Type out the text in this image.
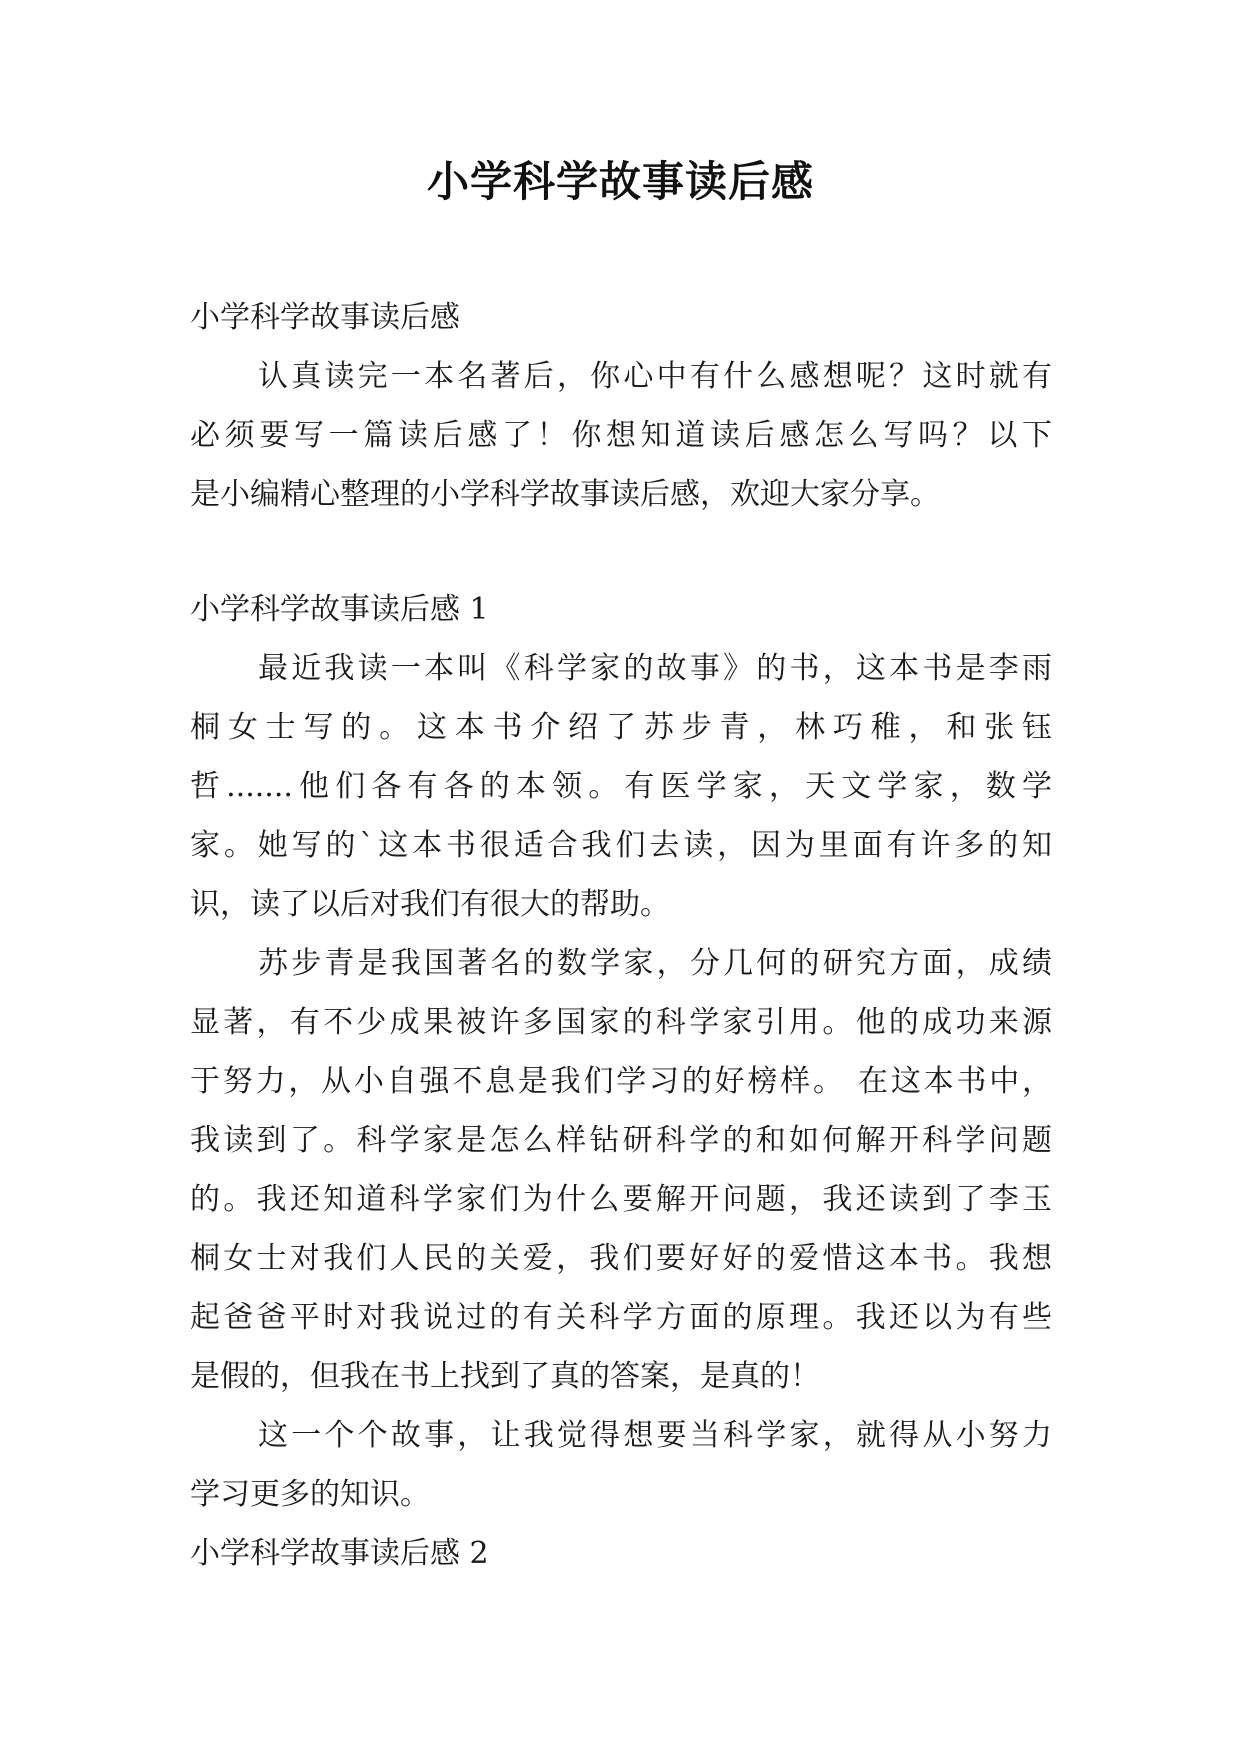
小学科学故事读后感
小学科学故事读后感
认真读完一本名著后，你心中有什么感想呢？这时就有
必须要写一篇读后感了！你想知道读后感怎么写吗？以下
是小编精心整理的小学科学故事读后感，欢迎大家分享。
小学科学故事读后感 1
最近我读一本叫《科学家的故事》的书，这本书是李雨
桐女士写的。这本书介绍了苏步青，林巧稚，和张钰
哲.......他们各有各的本领。有医学家，天文学家，数学
家。她写的`这本书很适合我们去读，因为里面有许多的知
识，读了以后对我们有很大的帮助。
苏步青是我国著名的数学家，分几何的研究方面，成绩
显著，有不少成果被许多国家的科学家引用。他的成功来源
于努力，从小自强不息是我们学习的好榜样。 在这本书中，
我读到了。科学家是怎么样钻研科学的和如何解开科学问题
的。我还知道科学家们为什么要解开问题，我还读到了李玉
桐女士对我们人民的关爱，我们要好好的爱惜这本书。我想
起爸爸平时对我说过的有关科学方面的原理。我还以为有些
是假的，但我在书上找到了真的答案，是真的！
这一个个故事，让我觉得想要当科学家，就得从小努力
学习更多的知识。
小学科学故事读后感 2
